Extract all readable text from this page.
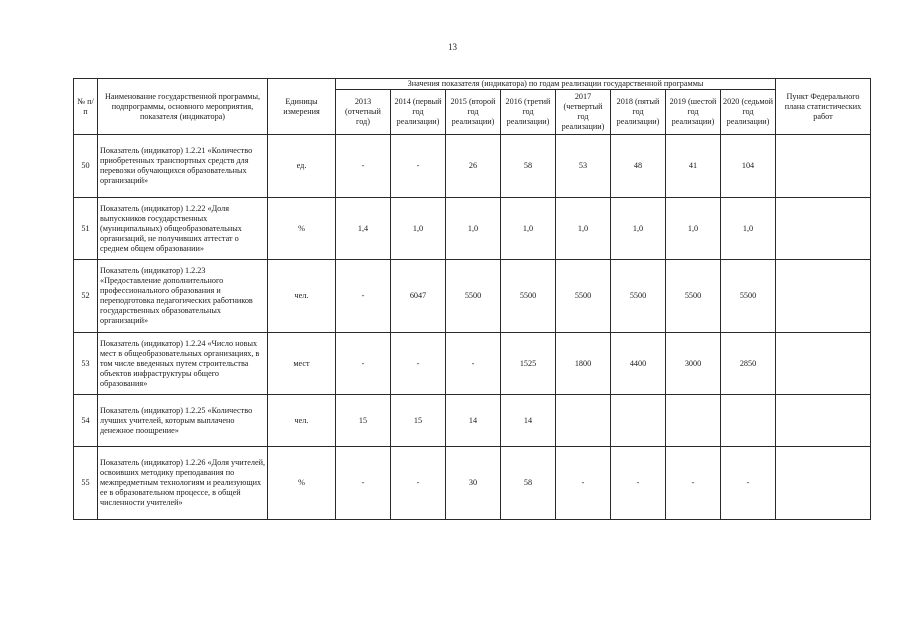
13
№ п/п	Наименование государственной программы, подпрограммы, основного мероприятия, показателя (индикатора)	Единицы измерения	Значения показателя (индикатора) по годам реализации государственной программы								Пункт Федерального плана статистических работ
			2013 (отчетный год)	2014 (первый год реализации)	2015 (второй год реализации)	2016 (третий год реализации)	2017 (четвертый год реализации)	2018 (пятый год реализации)	2019 (шестой год реализации)	2020 (седьмой год реализации)	
50	Показатель (индикатор) 1.2.21 «Количество приобретенных транспортных средств для перевозки обучающихся образовательных организаций»	ед.	-	-	26	58	53	48	41	104	
51	Показатель (индикатор) 1.2.22 «Доля выпускников государственных (муниципальных) общеобразовательных организаций, не получивших аттестат о среднем общем образовании»	%	1,4	1,0	1,0	1,0	1,0	1,0	1,0	1,0	
52	Показатель (индикатор) 1.2.23 «Предоставление дополнительного профессионального образования и переподготовка педагогических работников государственных образовательных организаций»	чел.	-	6047	5500	5500	5500	5500	5500	5500	
53	Показатель (индикатор) 1.2.24 «Число новых мест в общеобразовательных организациях, в том числе введенных путем строительства объектов инфраструктуры общего образования»	мест	-	-	-	1525	1800	4400	3000	2850	
54	Показатель (индикатор) 1.2.25 «Количество лучших учителей, которым выплачено денежное поощрение»	чел.	15	15	14	14					
55	Показатель (индикатор) 1.2.26 «Доля учителей, освоивших методику преподавания по межпредметным технологиям и реализующих ее в образовательном процессе, в общей численности учителей»	%	-	-	30	58	-	-	-	-	
